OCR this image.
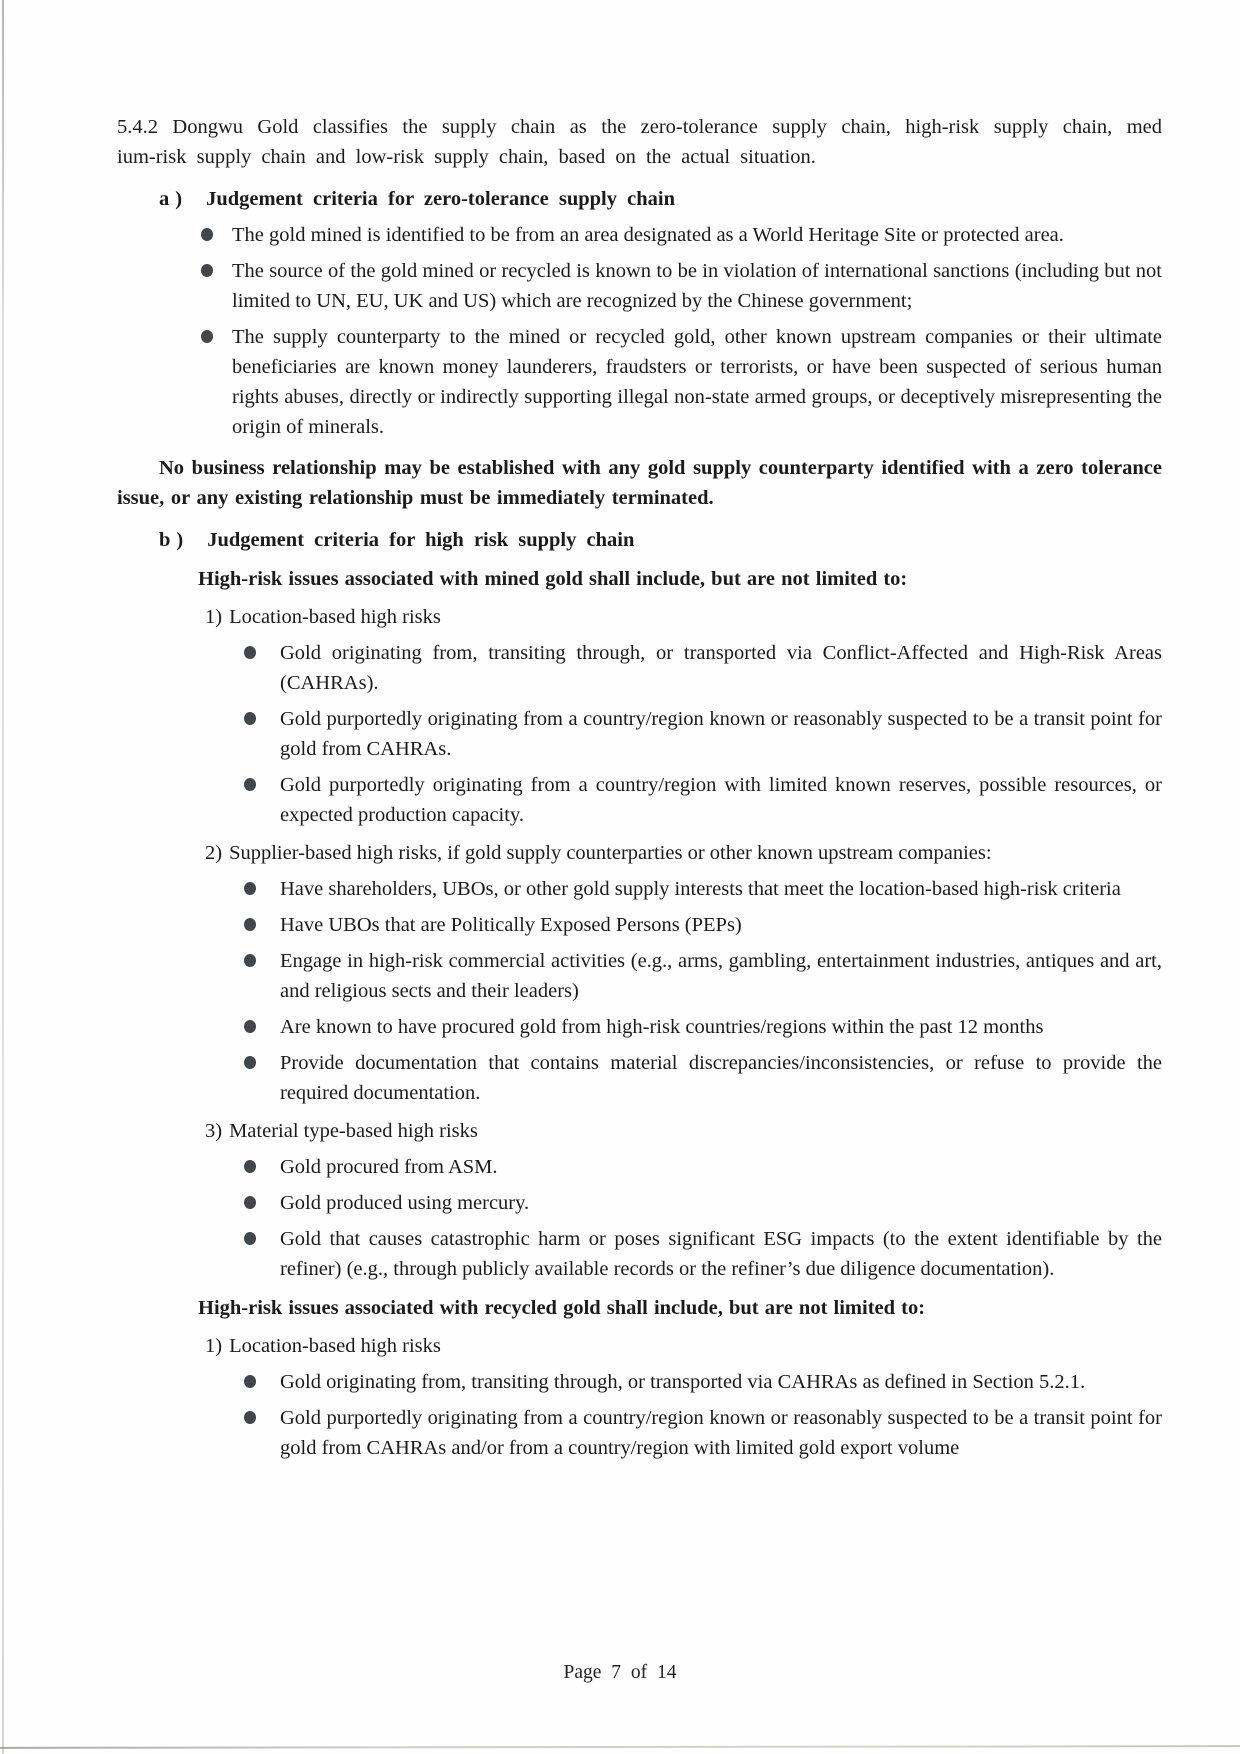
5.4.2 Dongwu Gold classifies the supply chain as the zero-tolerance supply chain, high-risk supply chain, med
ium-risk supply chain and low-risk supply chain, based on the actual situation.
a) Judgement criteria for zero-tolerance supply chain
The gold mined is identified to be from an area designated as a World Heritage Site or protected area.
The source of the gold mined or recycled is known to be in violation of international sanctions (including but not limited to UN, EU, UK and US) which are recognized by the Chinese government;
The supply counterparty to the mined or recycled gold, other known upstream companies or their ultimate beneficiaries are known money launderers, fraudsters or terrorists, or have been suspected of serious human rights abuses, directly or indirectly supporting illegal non-state armed groups, or deceptively misrepresenting the origin of minerals.
No business relationship may be established with any gold supply counterparty identified with a zero tolerance issue, or any existing relationship must be immediately terminated.
b) Judgement criteria for high risk supply chain
High-risk issues associated with mined gold shall include, but are not limited to:
1) Location-based high risks
Gold originating from, transiting through, or transported via Conflict-Affected and High-Risk Areas (CAHRAs).
Gold purportedly originating from a country/region known or reasonably suspected to be a transit point for gold from CAHRAs.
Gold purportedly originating from a country/region with limited known reserves, possible resources, or expected production capacity.
2) Supplier-based high risks, if gold supply counterparties or other known upstream companies:
Have shareholders, UBOs, or other gold supply interests that meet the location-based high-risk criteria
Have UBOs that are Politically Exposed Persons (PEPs)
Engage in high-risk commercial activities (e.g., arms, gambling, entertainment industries, antiques and art, and religious sects and their leaders)
Are known to have procured gold from high-risk countries/regions within the past 12 months
Provide documentation that contains material discrepancies/inconsistencies, or refuse to provide the required documentation.
3) Material type-based high risks
Gold procured from ASM.
Gold produced using mercury.
Gold that causes catastrophic harm or poses significant ESG impacts (to the extent identifiable by the refiner) (e.g., through publicly available records or the refiner’s due diligence documentation).
High-risk issues associated with recycled gold shall include, but are not limited to:
1) Location-based high risks
Gold originating from, transiting through, or transported via CAHRAs as defined in Section 5.2.1.
Gold purportedly originating from a country/region known or reasonably suspected to be a transit point for gold from CAHRAs and/or from a country/region with limited gold export volume
Page 7 of 14
